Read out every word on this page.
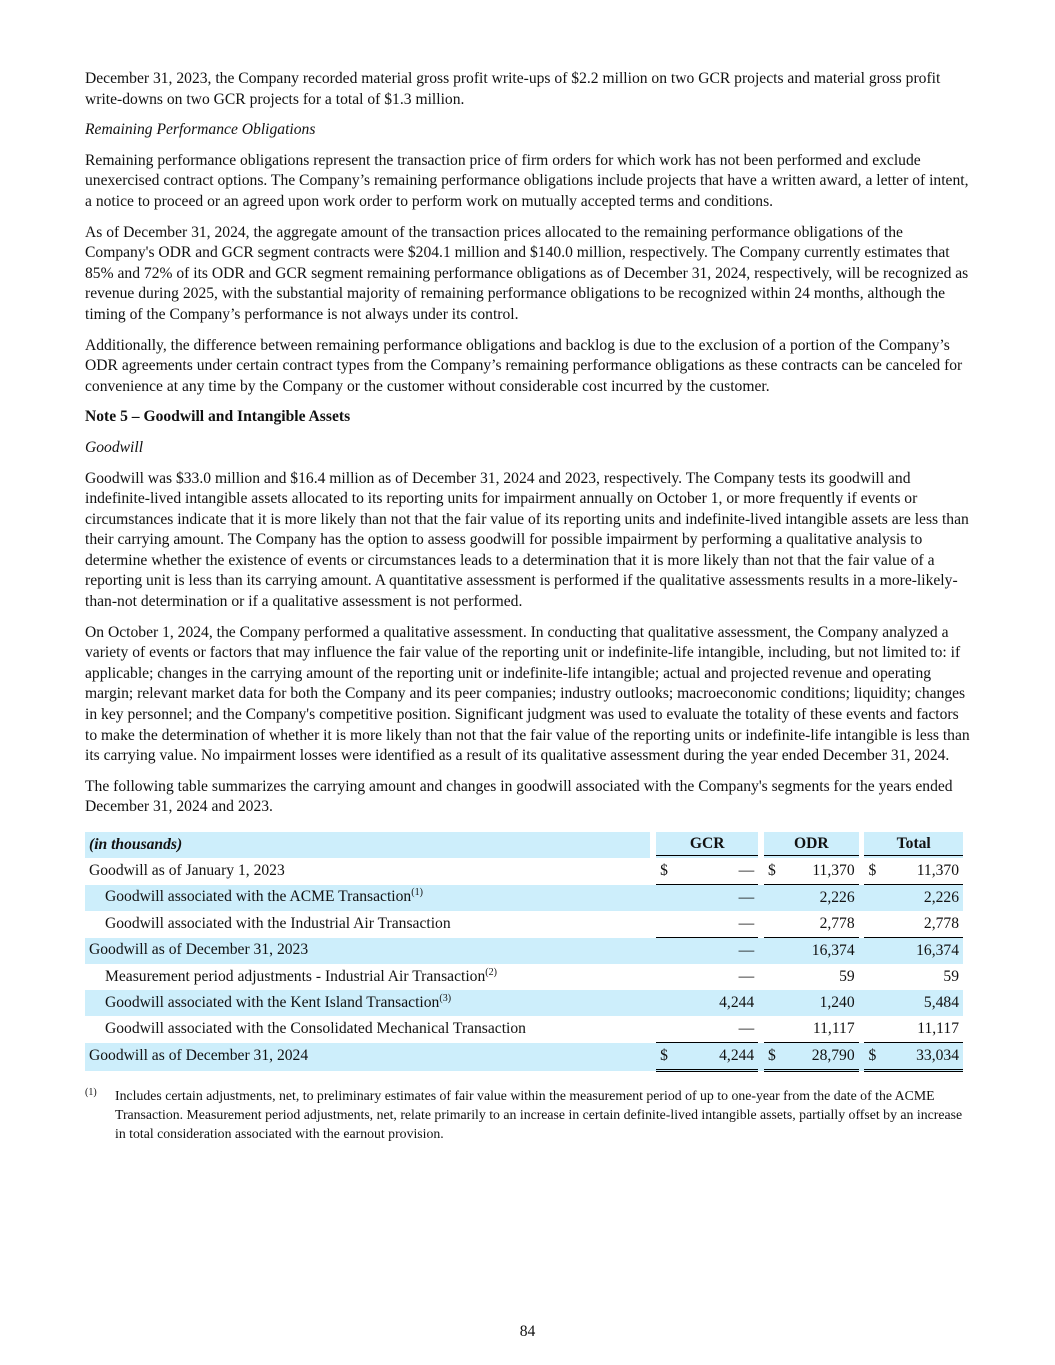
December 31, 2023, the Company recorded material gross profit write-ups of $2.2 million on two GCR projects and material gross profit write-downs on two GCR projects for a total of $1.3 million.

Remaining Performance Obligations

Remaining performance obligations represent the transaction price of firm orders for which work has not been performed and exclude unexercised contract options. The Company’s remaining performance obligations include projects that have a written award, a letter of intent, a notice to proceed or an agreed upon work order to perform work on mutually accepted terms and conditions.

As of December 31, 2024, the aggregate amount of the transaction prices allocated to the remaining performance obligations of the Company's ODR and GCR segment contracts were $204.1 million and $140.0 million, respectively. The Company currently estimates that 85% and 72% of its ODR and GCR segment remaining performance obligations as of December 31, 2024, respectively, will be recognized as revenue during 2025, with the substantial majority of remaining performance obligations to be recognized within 24 months, although the timing of the Company’s performance is not always under its control.

Additionally, the difference between remaining performance obligations and backlog is due to the exclusion of a portion of the Company’s ODR agreements under certain contract types from the Company’s remaining performance obligations as these contracts can be canceled for convenience at any time by the Company or the customer without considerable cost incurred by the customer.

Note 5 – Goodwill and Intangible Assets

Goodwill

Goodwill was $33.0 million and $16.4 million as of December 31, 2024 and 2023, respectively. The Company tests its goodwill and indefinite-lived intangible assets allocated to its reporting units for impairment annually on October 1, or more frequently if events or circumstances indicate that it is more likely than not that the fair value of its reporting units and indefinite-lived intangible assets are less than their carrying amount. The Company has the option to assess goodwill for possible impairment by performing a qualitative analysis to determine whether the existence of events or circumstances leads to a determination that it is more likely than not that the fair value of a reporting unit is less than its carrying amount. A quantitative assessment is performed if the qualitative assessments results in a more-likely-than-not determination or if a qualitative assessment is not performed.

On October 1, 2024, the Company performed a qualitative assessment. In conducting that qualitative assessment, the Company analyzed a variety of events or factors that may influence the fair value of the reporting unit or indefinite-life intangible, including, but not limited to: if applicable; changes in the carrying amount of the reporting unit or indefinite-life intangible; actual and projected revenue and operating margin; relevant market data for both the Company and its peer companies; industry outlooks; macroeconomic conditions; liquidity; changes in key personnel; and the Company's competitive position. Significant judgment was used to evaluate the totality of these events and factors to make the determination of whether it is more likely than not that the fair value of the reporting units or indefinite-life intangible is less than its carrying value. No impairment losses were identified as a result of its qualitative assessment during the year ended December 31, 2024.

The following table summarizes the carrying amount and changes in goodwill associated with the Company's segments for the years ended December 31, 2024 and 2023.

(in thousands)		GCR			ODR			Total	

Goodwill as of January 1, 2023		$	—		$	11,370		$	11,370
Goodwill associated with the ACME Transaction$^{(1)}$			—			2,226			2,226
Goodwill associated with the Industrial Air Transaction			—			2,778			2,778
Goodwill as of December 31, 2023			—			16,374			16,374
Measurement period adjustments - Industrial Air Transaction$^{(2)}$			—			59			59
Goodwill associated with the Kent Island Transaction$^{(3)}$			4,244			1,240			5,484
Goodwill associated with the Consolidated Mechanical Transaction			—			11,117			11,117
Goodwill as of December 31, 2024		$	4,244		$	28,790		$	33,034
(1)	Includes certain adjustments, net, to preliminary estimates of fair value within the measurement period of up to one-year from the date of the ACME Transaction. Measurement period adjustments, net, relate primarily to an increase in certain definite-lived intangible assets, partially offset by an increase in total consideration associated with the earnout provision.
84
